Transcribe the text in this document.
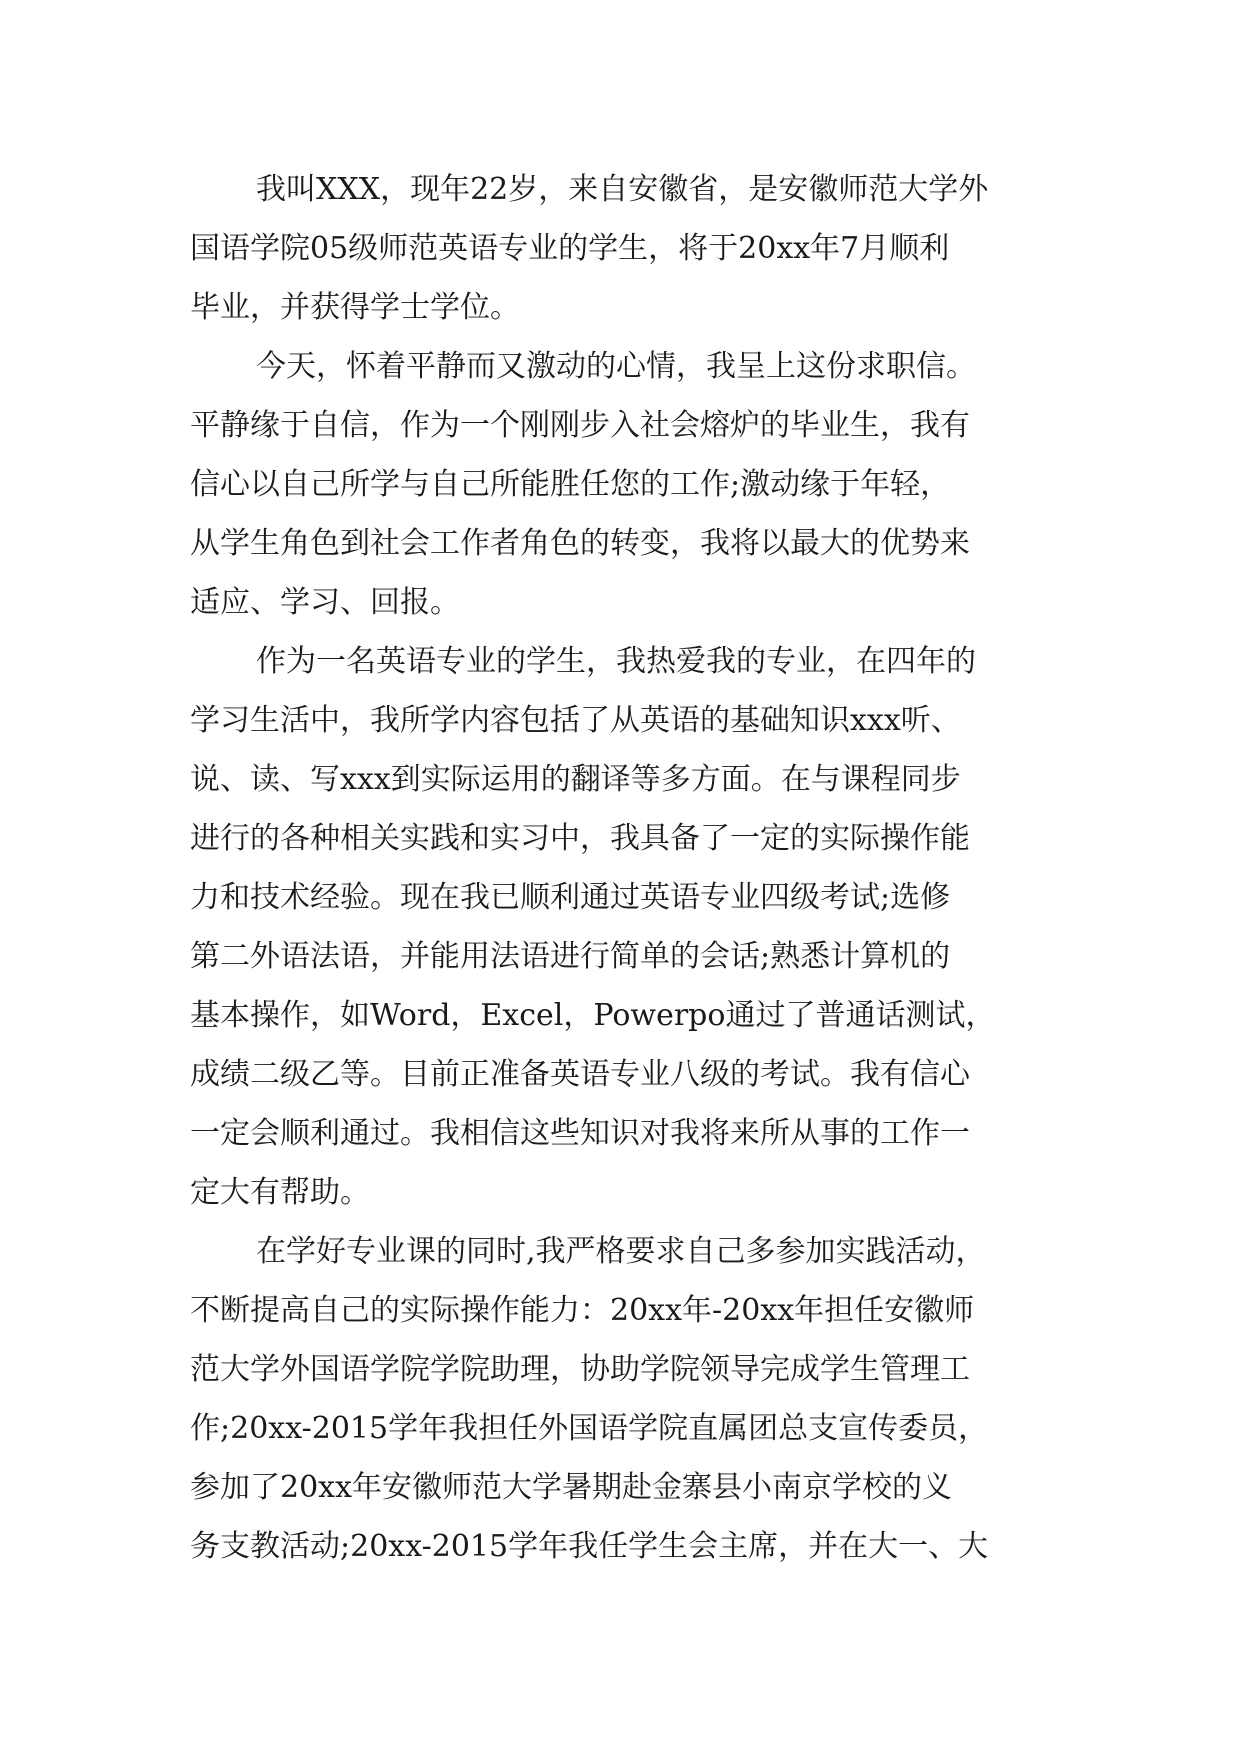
我叫XXX，现年22岁，来自安徽省，是安徽师范大学外
国语学院05级师范英语专业的学生，将于20xx年7月顺利
毕业，并获得学士学位。
今天，怀着平静而又激动的心情，我呈上这份求职信。
平静缘于自信，作为一个刚刚步入社会熔炉的毕业生，我有
信心以自己所学与自己所能胜任您的工作;激动缘于年轻，
从学生角色到社会工作者角色的转变，我将以最大的优势来
适应、学习、回报。
作为一名英语专业的学生，我热爱我的专业，在四年的
学习生活中，我所学内容包括了从英语的基础知识xxx听、
说、读、写xxx到实际运用的翻译等多方面。在与课程同步
进行的各种相关实践和实习中，我具备了一定的实际操作能
力和技术经验。现在我已顺利通过英语专业四级考试;选修
第二外语法语，并能用法语进行简单的会话;熟悉计算机的
基本操作，如Word，Excel，Powerpo通过了普通话测试，
成绩二级乙等。目前正准备英语专业八级的考试。我有信心
一定会顺利通过。我相信这些知识对我将来所从事的工作一
定大有帮助。
在学好专业课的同时,我严格要求自己多参加实践活动，
不断提高自己的实际操作能力：20xx年-20xx年担任安徽师
范大学外国语学院学院助理，协助学院领导完成学生管理工
作;20xx-2015学年我担任外国语学院直属团总支宣传委员，
参加了20xx年安徽师范大学暑期赴金寨县小南京学校的义
务支教活动;20xx-2015学年我任学生会主席，并在大一、大
